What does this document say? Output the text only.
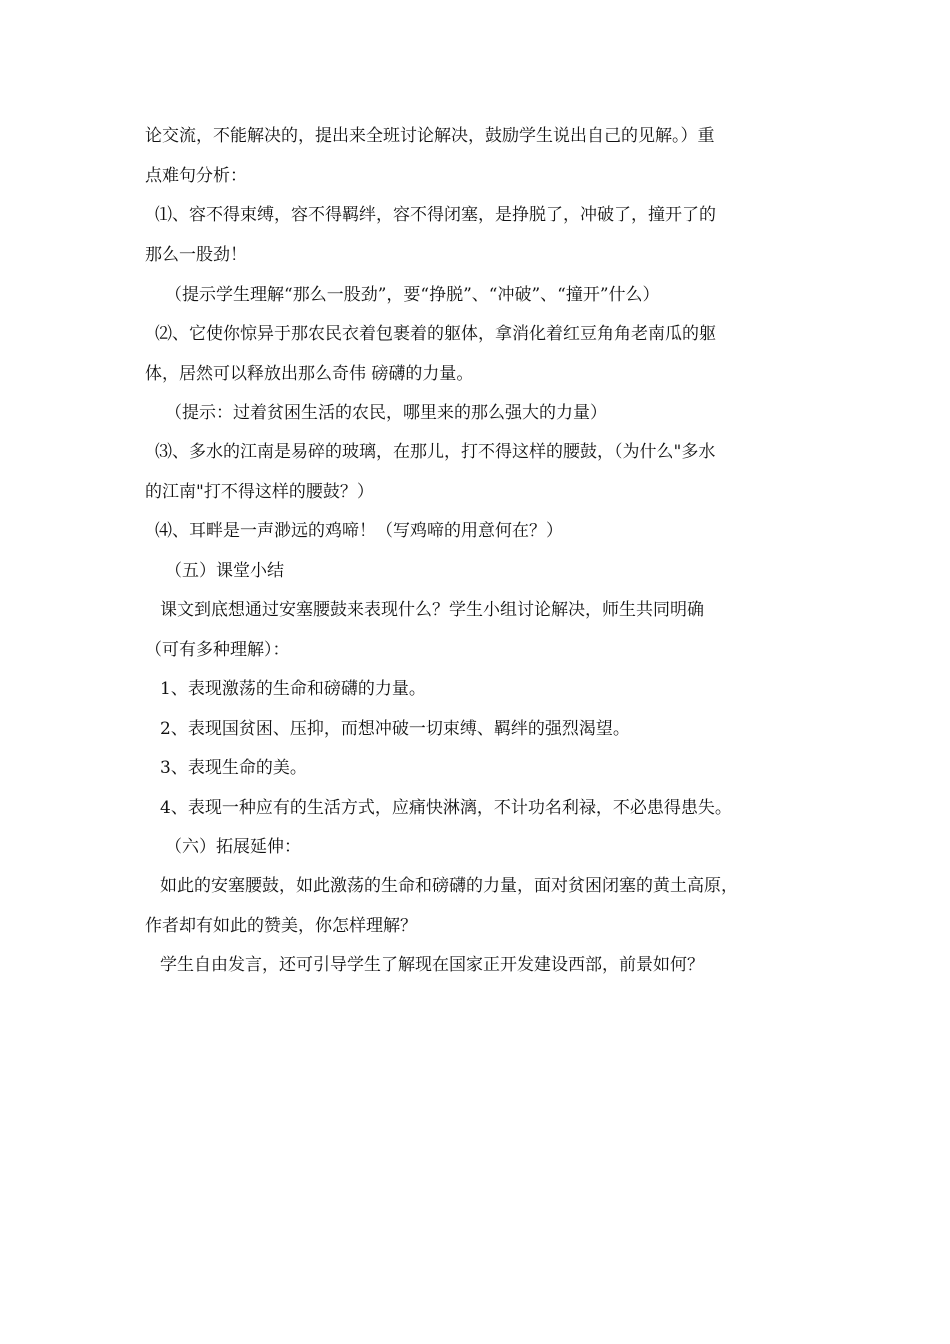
论交流，不能解决的，提出来全班讨论解决，鼓励学生说出自己的见解。）重
点难句分析：
⑴、容不得束缚，容不得羁绊，容不得闭塞，是挣脱了，冲破了，撞开了的
那么一股劲！
（提示学生理解“那么一股劲”，要“挣脱”、“冲破”、“撞开”什么）
⑵、它使你惊异于那农民衣着包裹着的躯体，拿消化着红豆角角老南瓜的躯
体，居然可以释放出那么奇伟 磅礴的力量。
（提示：过着贫困生活的农民，哪里来的那么强大的力量）
⑶、多水的江南是易碎的玻璃，在那儿，打不得这样的腰鼓，（为什么"多水
的江南"打不得这样的腰鼓？）
⑷、耳畔是一声渺远的鸡啼！（写鸡啼的用意何在？）
（五）课堂小结
课文到底想通过安塞腰鼓来表现什么？学生小组讨论解决，师生共同明确
（可有多种理解）：
1、表现激荡的生命和磅礴的力量。
2、表现国贫困、压抑，而想冲破一切束缚、羁绊的强烈渴望。
3、表现生命的美。
4、表现一种应有的生活方式，应痛快淋漓，不计功名利禄，不必患得患失。
（六）拓展延伸：
如此的安塞腰鼓，如此激荡的生命和磅礴的力量，面对贫困闭塞的黄土高原，
作者却有如此的赞美，你怎样理解？
学生自由发言，还可引导学生了解现在国家正开发建设西部，前景如何？
